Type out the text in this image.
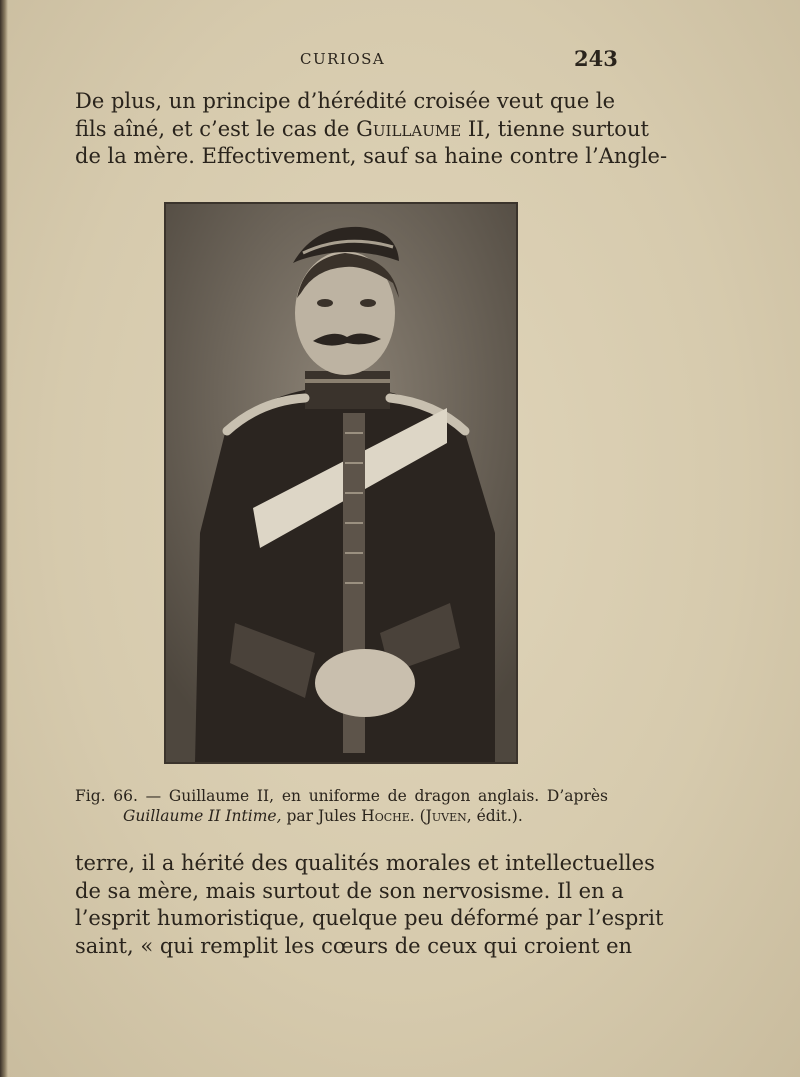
CURIOSA	243
De plus, un principe d’hérédité croisée veut que le
fils aîné, et c’est le cas de Guillaume II, tienne surtout
de la mère. Effectivement, sauf sa haine contre l’Angle-
Fig. 66. — Guillaume II, en uniforme de dragon anglais. D’après
Guillaume II Intime, par Jules Hoche. (Juven, édit.).
terre, il a hérité des qualités morales et intellectuelles
de sa mère, mais surtout de son nervosisme. Il en a
l’esprit humoristique, quelque peu déformé par l’esprit
saint, « qui remplit les cœurs de ceux qui croient en
